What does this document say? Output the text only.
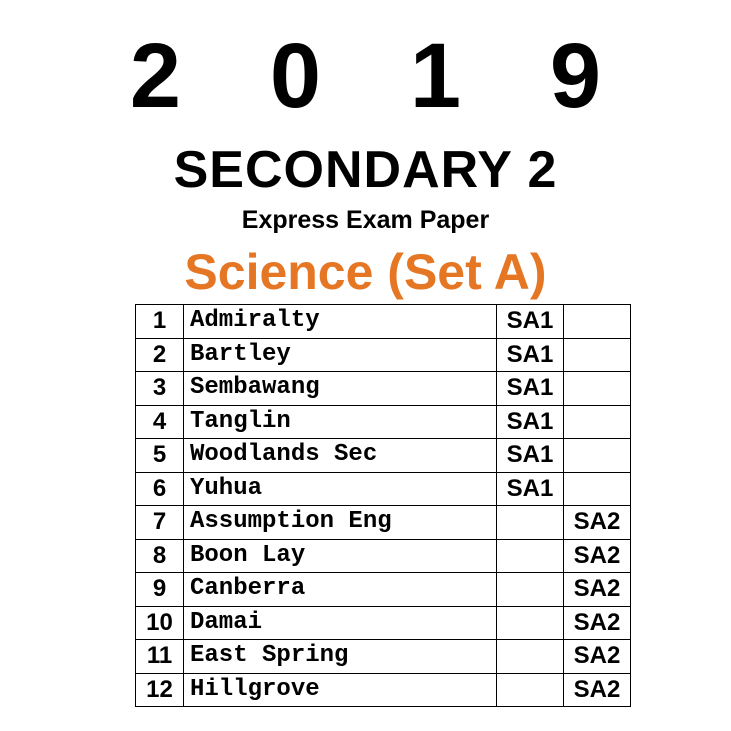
2 0 1 9
SECONDARY 2
Express Exam Paper
Science (Set A)
1	Admiralty	SA1	
2	Bartley	SA1	
3	Sembawang	SA1	
4	Tanglin	SA1	
5	Woodlands Sec	SA1	
6	Yuhua	SA1	
7	Assumption Eng		SA2
8	Boon Lay		SA2
9	Canberra		SA2
10	Damai		SA2
11	East Spring		SA2
12	Hillgrove		SA2
